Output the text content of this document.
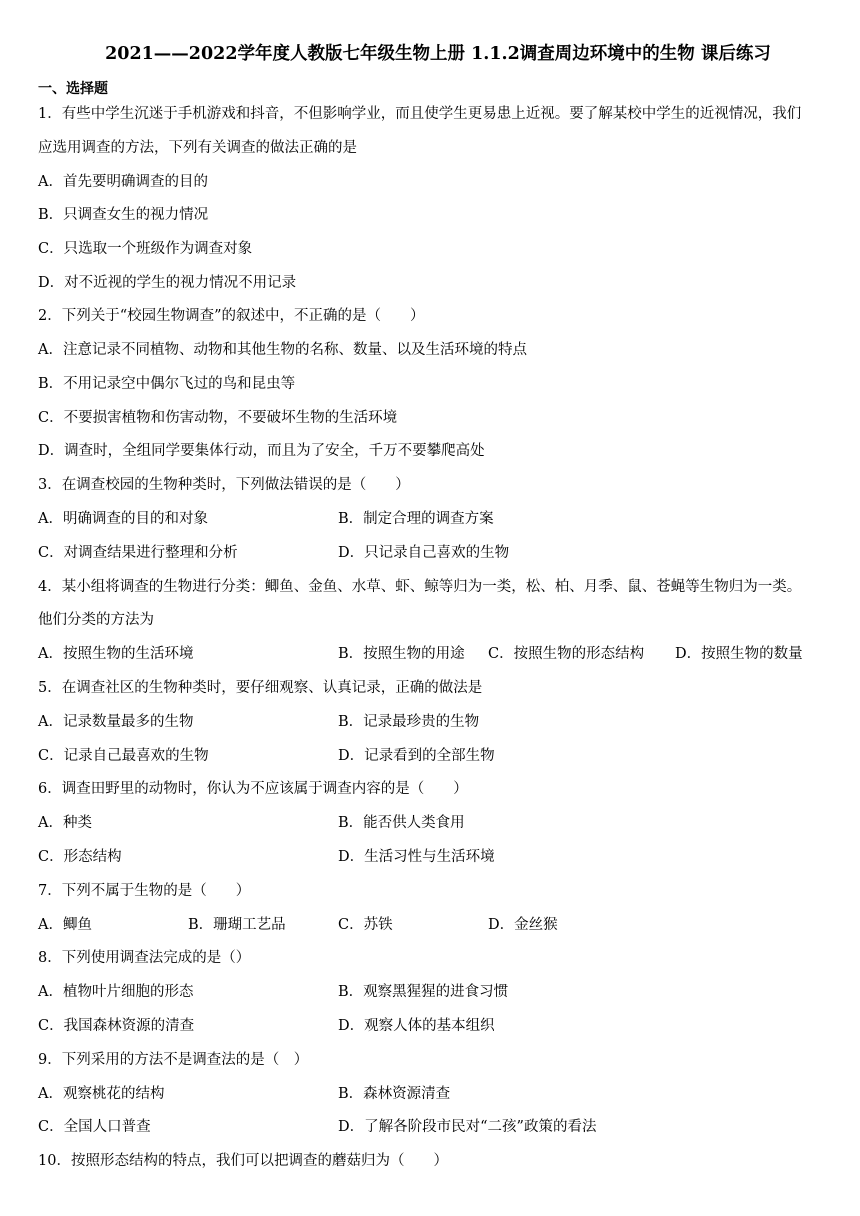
2021——2022学年度人教版七年级生物上册 1.1.2调查周边环境中的生物 课后练习
一、选择题
1．有些中学生沉迷于手机游戏和抖音，不但影响学业，而且使学生更易患上近视。要了解某校中学生的近视情况，我们
应选用调查的方法，下列有关调查的做法正确的是
A．首先要明确调查的目的
B．只调查女生的视力情况
C．只选取一个班级作为调查对象
D．对不近视的学生的视力情况不用记录
2．下列关于“校园生物调查”的叙述中，不正确的是（　　）
A．注意记录不同植物、动物和其他生物的名称、数量、以及生活环境的特点
B．不用记录空中偶尔飞过的鸟和昆虫等
C．不要损害植物和伤害动物，不要破坏生物的生活环境
D．调查时，全组同学要集体行动，而且为了安全，千万不要攀爬高处
3．在调查校园的生物种类时，下列做法错误的是（　　）
A．明确调查的目的和对象	B．制定合理的调查方案
C．对调查结果进行整理和分析	D．只记录自己喜欢的生物
4．某小组将调查的生物进行分类：鲫鱼、金鱼、水草、虾、鲸等归为一类，松、柏、月季、鼠、苍蝇等生物归为一类。
他们分类的方法为
A．按照生物的生活环境	B．按照生物的用途 C．按照生物的形态结构 D．按照生物的数量
5．在调查社区的生物种类时，要仔细观察、认真记录，正确的做法是
A．记录数量最多的生物	B．记录最珍贵的生物
C．记录自己最喜欢的生物	D．记录看到的全部生物
6．调查田野里的动物时，你认为不应该属于调查内容的是（　　）
A．种类	B．能否供人类食用
C．形态结构	D．生活习性与生活环境
7．下列不属于生物的是（　　）
A．鲫鱼	B．珊瑚工艺品	C．苏铁	D．金丝猴
8．下列使用调查法完成的是（）
A．植物叶片细胞的形态	B．观察黑猩猩的进食习惯
C．我国森林资源的清查	D．观察人体的基本组织
9．下列采用的方法不是调查法的是（　）
A．观察桃花的结构	B．森林资源清查
C．全国人口普查	D．了解各阶段市民对“二孩”政策的看法
10．按照形态结构的特点，我们可以把调查的蘑菇归为（　　）
